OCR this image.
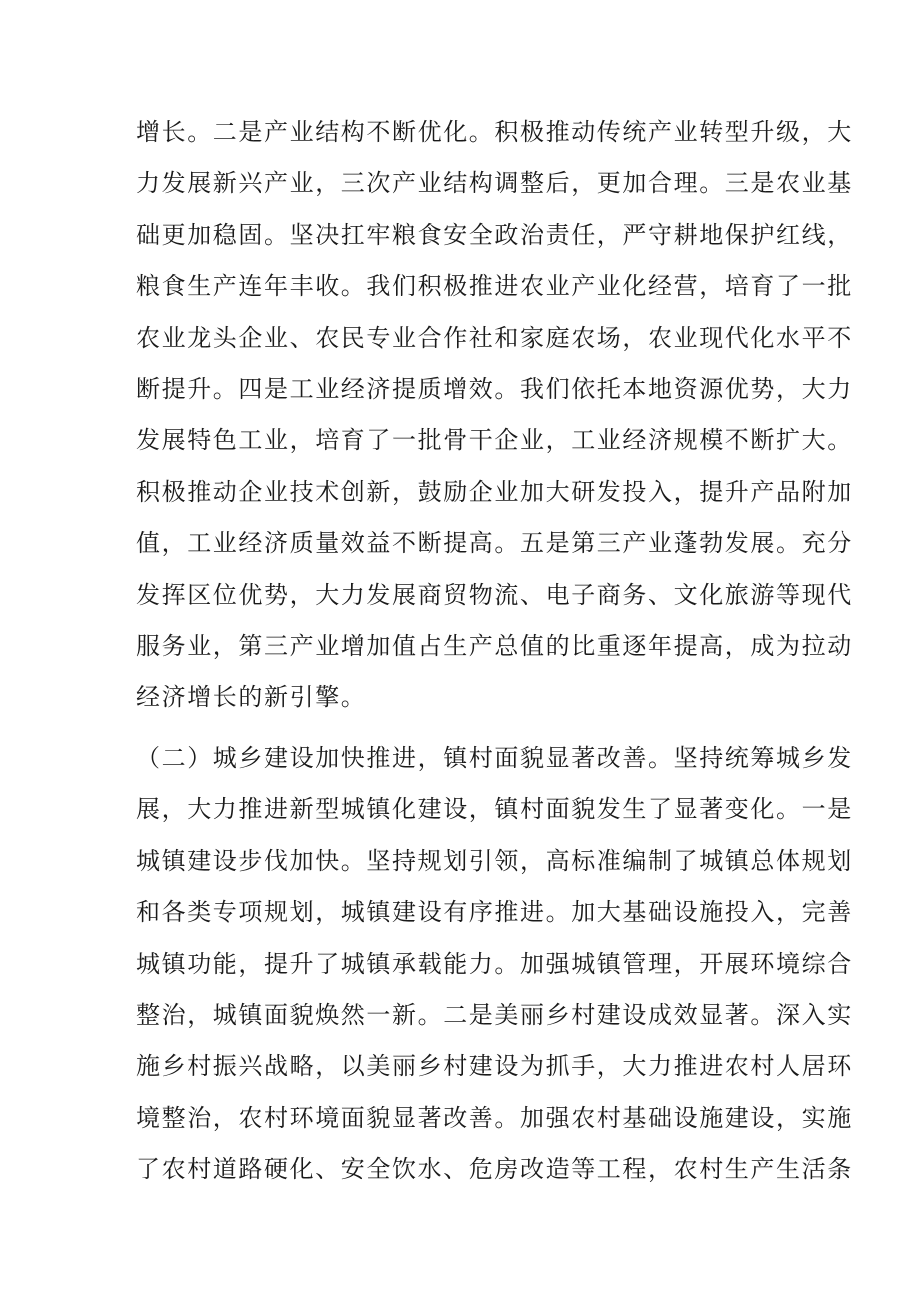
增长。二是产业结构不断优化。积极推动传统产业转型升级，大
力发展新兴产业，三次产业结构调整后，更加合理。三是农业基
础更加稳固。坚决扛牢粮食安全政治责任，严守耕地保护红线，
粮食生产连年丰收。我们积极推进农业产业化经营，培育了一批
农业龙头企业、农民专业合作社和家庭农场，农业现代化水平不
断提升。四是工业经济提质增效。我们依托本地资源优势，大力
发展特色工业，培育了一批骨干企业，工业经济规模不断扩大。
积极推动企业技术创新，鼓励企业加大研发投入，提升产品附加
值，工业经济质量效益不断提高。五是第三产业蓬勃发展。充分
发挥区位优势，大力发展商贸物流、电子商务、文化旅游等现代
服务业，第三产业增加值占生产总值的比重逐年提高，成为拉动
经济增长的新引擎。
（二）城乡建设加快推进，镇村面貌显著改善。坚持统筹城乡发
展，大力推进新型城镇化建设，镇村面貌发生了显著变化。一是
城镇建设步伐加快。坚持规划引领，高标准编制了城镇总体规划
和各类专项规划，城镇建设有序推进。加大基础设施投入，完善
城镇功能，提升了城镇承载能力。加强城镇管理，开展环境综合
整治，城镇面貌焕然一新。二是美丽乡村建设成效显著。深入实
施乡村振兴战略，以美丽乡村建设为抓手，大力推进农村人居环
境整治，农村环境面貌显著改善。加强农村基础设施建设，实施
了农村道路硬化、安全饮水、危房改造等工程，农村生产生活条
